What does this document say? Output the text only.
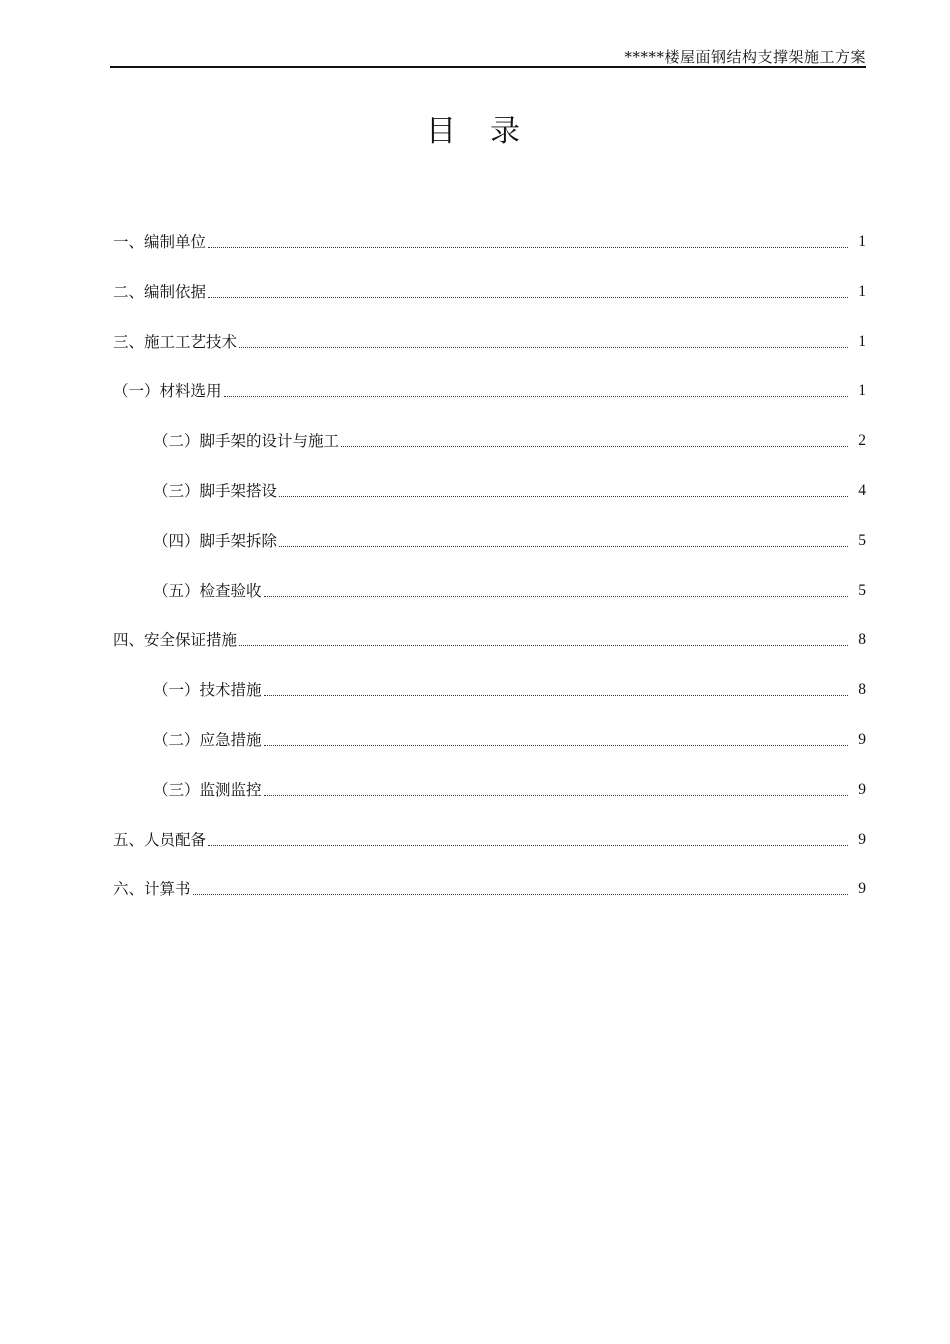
*****楼屋面钢结构支撑架施工方案
目录
一、编制单位	1
二、编制依据	1
三、施工工艺技术	1
（一）材料选用	1
（二）脚手架的设计与施工	2
（三）脚手架搭设	4
（四）脚手架拆除	5
（五）检查验收	5
四、安全保证措施	8
（一）技术措施	8
（二）应急措施	9
（三）监测监控	9
五、人员配备	9
六、计算书	9
